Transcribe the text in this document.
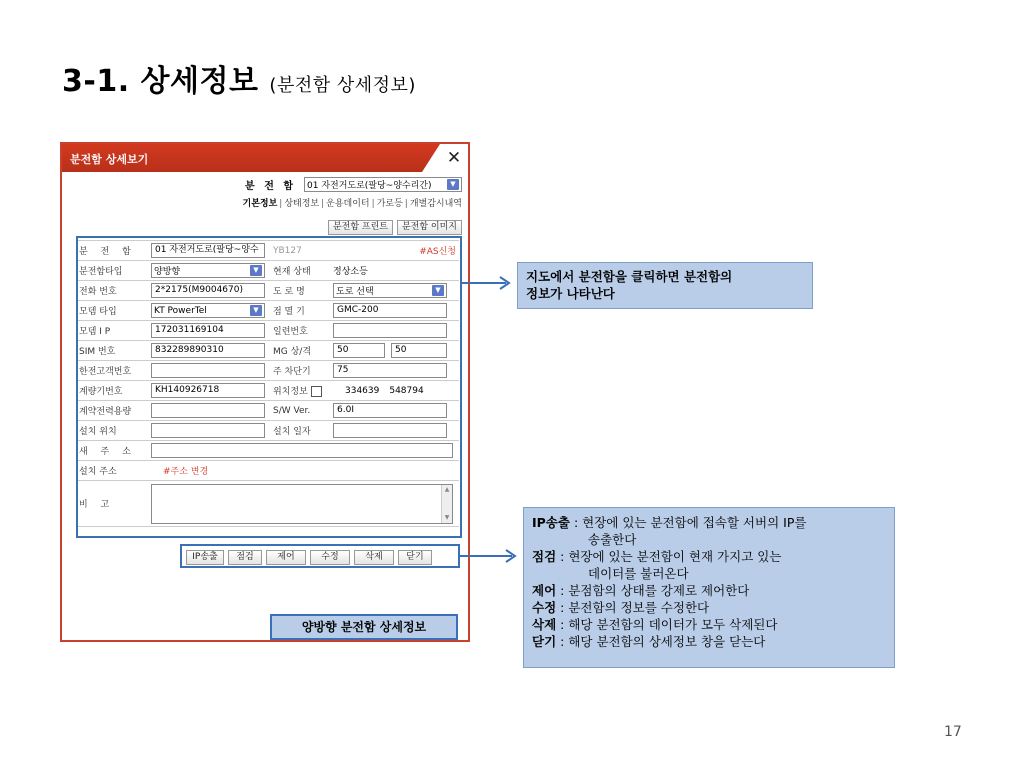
3-1. 상세정보 (분전함 상세정보)
분전함 상세보기	✕
분 전 함 01 자전거도로(팔당~양수리간)	▼
기본정보 | 상태정보 | 운용데이터 | 가로등 | 개별감시내역
분전함 프린트	분전함 이미지
분 전 함	01 자전거도로(팔당~양수	YB127	#AS신청
분전함타입	양방향 ▼	현재 상태	정상소등
전화 번호	2*2175(M9004670)	도 로 명	도로 선택 ▼

모뎀 타입	KT PowerTel ▼	점 멸 기	GMC-200

모뎀 I P	172031169104	일련번호	

SIM 번호	832289890310	MG 상/격	50 50

한전고객번호		주 차단기	75

계량기번호	KH140926718	위치정보	334639 548794
계약전력용량		S/W Ver.	6.0I

설치 위치		설치 일자	

새 주 소			

설치 주소	#주소 변경		
비 고	▲
▼		
IP송출	점검	제어	수정	삭제	닫기
양방향 분전함 상세정보
지도에서 분전함을 클릭하면 분전함의
정보가 나타난다
IP송출 : 현장에 있는 분전함에 접속할 서버의 IP를
송출한다
점검 : 현장에 있는 분전함이 현재 가지고 있는
데이터를 불러온다
제어 : 분점함의 상태를 강제로 제어한다
수정 : 분전함의 정보를 수정한다
삭제 : 해당 분전함의 데이터가 모두 삭제된다
닫기 : 해당 분전함의 상세정보 창을 닫는다
17
